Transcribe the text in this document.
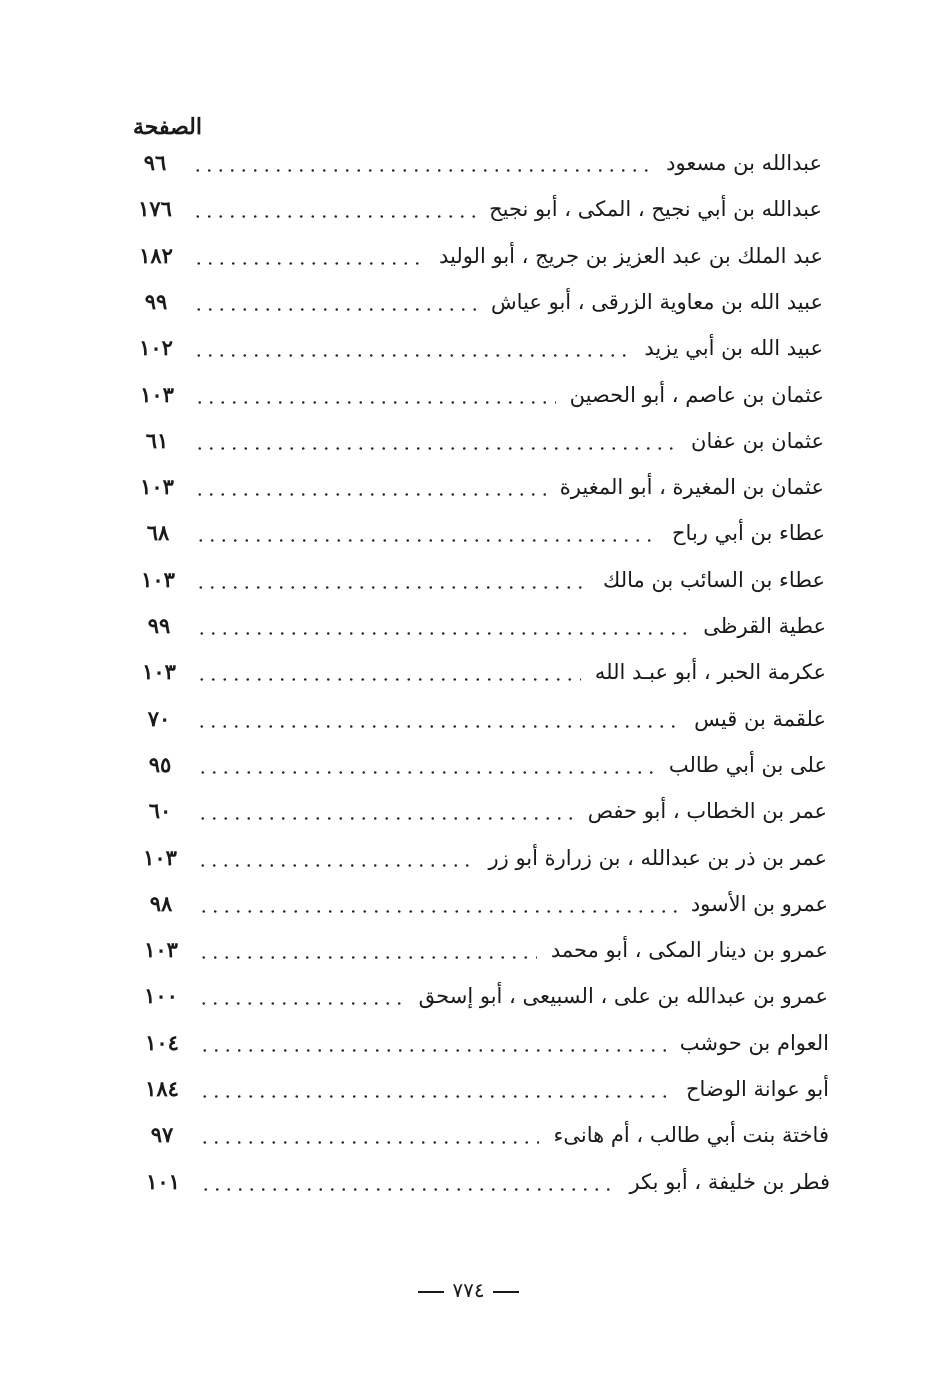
الصفحة
٩٦	عبدالله بن مسعود
١٧٦	عبدالله بن أبي نجيح ، المكى ، أبو نجيح
١٨٢	عبد الملك بن عبد العزيز بن جريج ، أبو الوليد
٩٩	عبيد الله بن معاوية الزرقى ، أبو عياش
١٠٢	عبيد الله بن أبي يزيد
١٠٣	عثمان بن عاصم ، أبو الحصين
٦١	عثمان بن عفان
١٠٣	عثمان بن المغيرة ، أبو المغيرة
٦٨	عطاء بن أبي رباح
١٠٣	عطاء بن السائب بن مالك
٩٩	عطية القرظى
١٠٣	عكرمة الحبر ، أبو عبـد الله
٧٠	علقمة بن قيس
٩٥	على بن أبي طالب
٦٠	عمر بن الخطاب ، أبو حفص
١٠٣	عمر بن ذر بن عبدالله ، بن زرارة أبو زر
٩٨	عمرو بن الأسود
١٠٣	عمرو بن دينار المكى ، أبو محمد
١٠٠	عمرو بن عبدالله بن على ، السبيعى ، أبو إسحق
١٠٤	العوام بن حوشب
١٨٤	أبو عوانة الوضاح
٩٧	فاختة بنت أبي طالب ، أم هانىء
١٠١	فطر بن خليفة ، أبو بكر
٧٧٤
